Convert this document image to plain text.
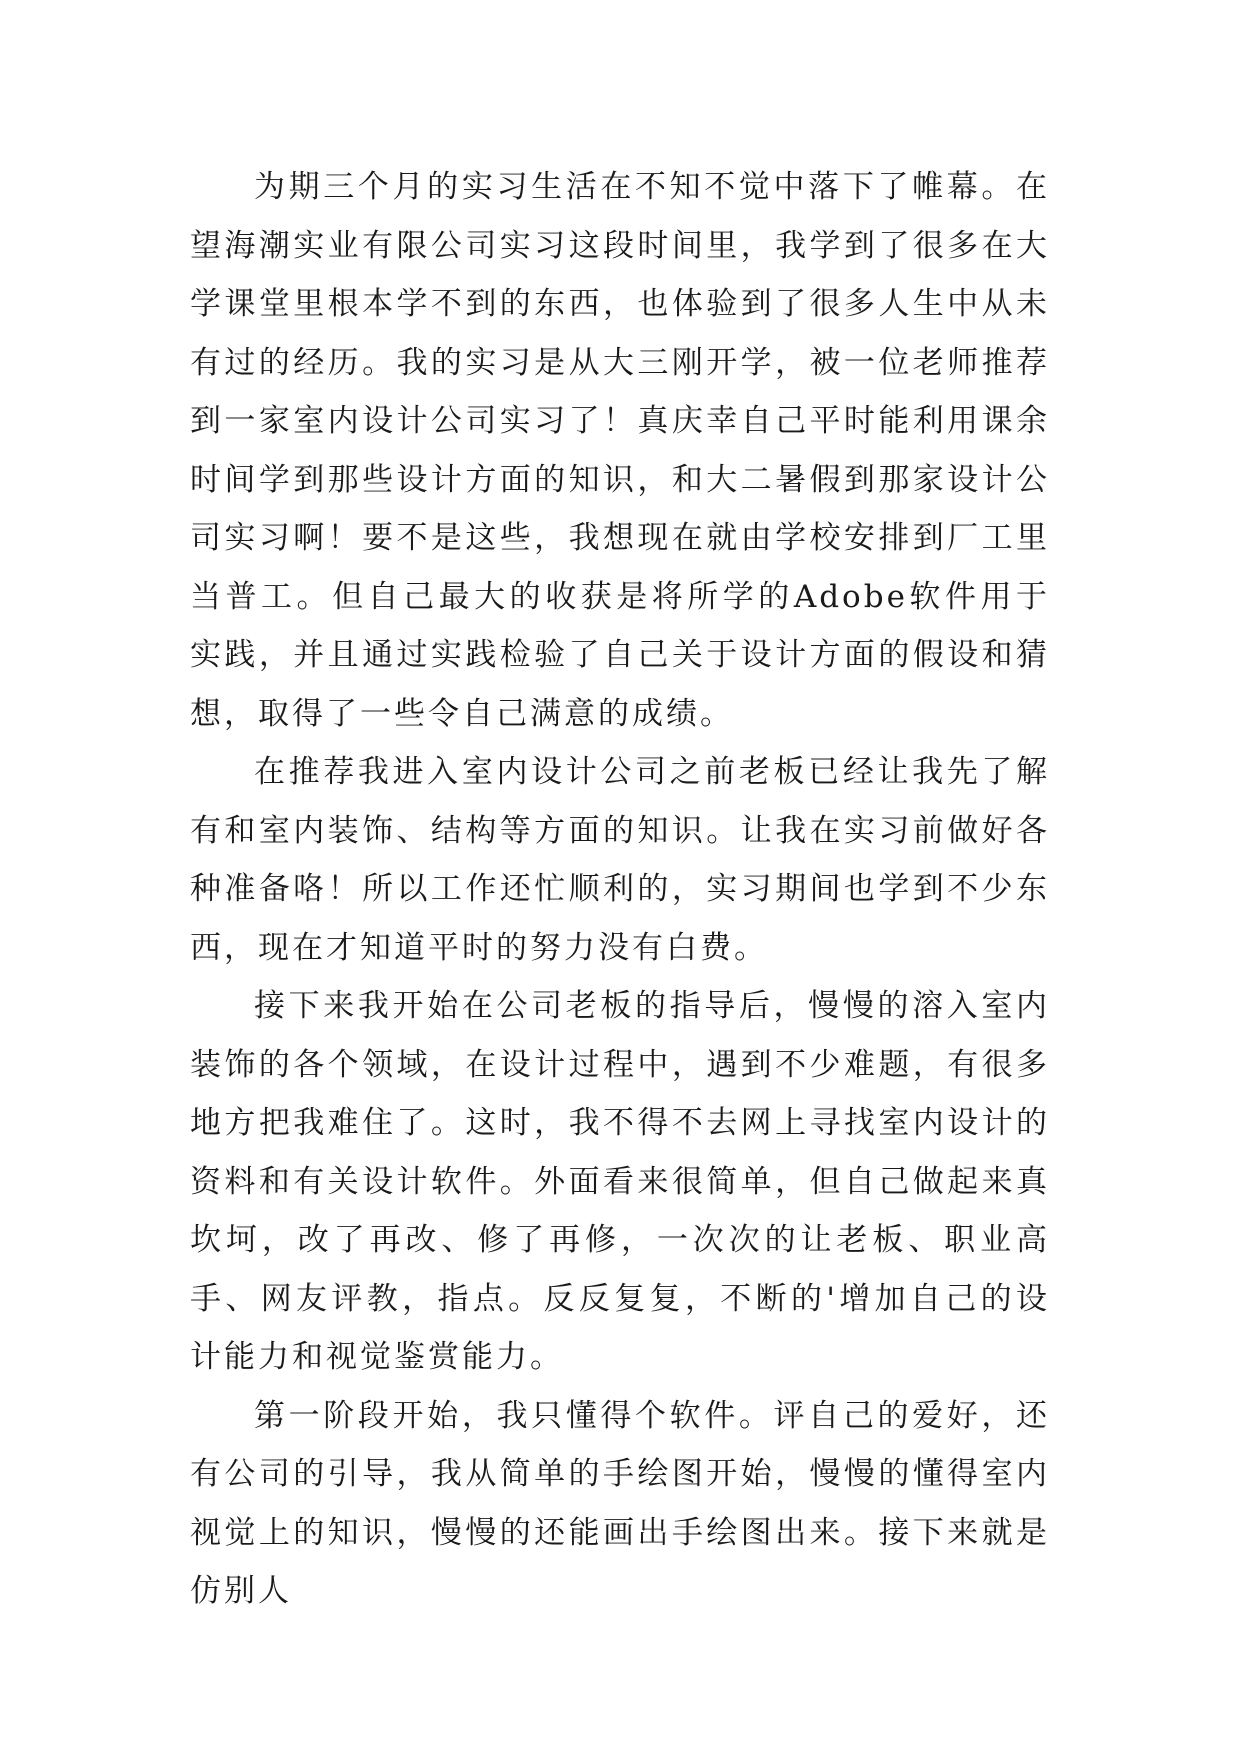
为期三个月的实习生活在不知不觉中落下了帷幕。在望海潮实业有限公司实习这段时间里，我学到了很多在大学课堂里根本学不到的东西，也体验到了很多人生中从未有过的经历。我的实习是从大三刚开学，被一位老师推荐到一家室内设计公司实习了！真庆幸自己平时能利用课余时间学到那些设计方面的知识，和大二暑假到那家设计公司实习啊！要不是这些，我想现在就由学校安排到厂工里当普工。但自己最大的收获是将所学的Adobe软件用于实践，并且通过实践检验了自己关于设计方面的假设和猜想，取得了一些令自己满意的成绩。

在推荐我进入室内设计公司之前老板已经让我先了解有和室内装饰、结构等方面的知识。让我在实习前做好各种准备咯！所以工作还忙顺利的，实习期间也学到不少东西，现在才知道平时的努力没有白费。

接下来我开始在公司老板的指导后，慢慢的溶入室内装饰的各个领域，在设计过程中，遇到不少难题，有很多地方把我难住了。这时，我不得不去网上寻找室内设计的资料和有关设计软件。外面看来很简单，但自己做起来真坎坷，改了再改、修了再修，一次次的让老板、职业高手、网友评教，指点。反反复复，不断的'增加自己的设计能力和视觉鉴赏能力。

第一阶段开始，我只懂得个软件。评自己的爱好，还有公司的引导，我从简单的手绘图开始，慢慢的懂得室内视觉上的知识，慢慢的还能画出手绘图出来。接下来就是仿别人
